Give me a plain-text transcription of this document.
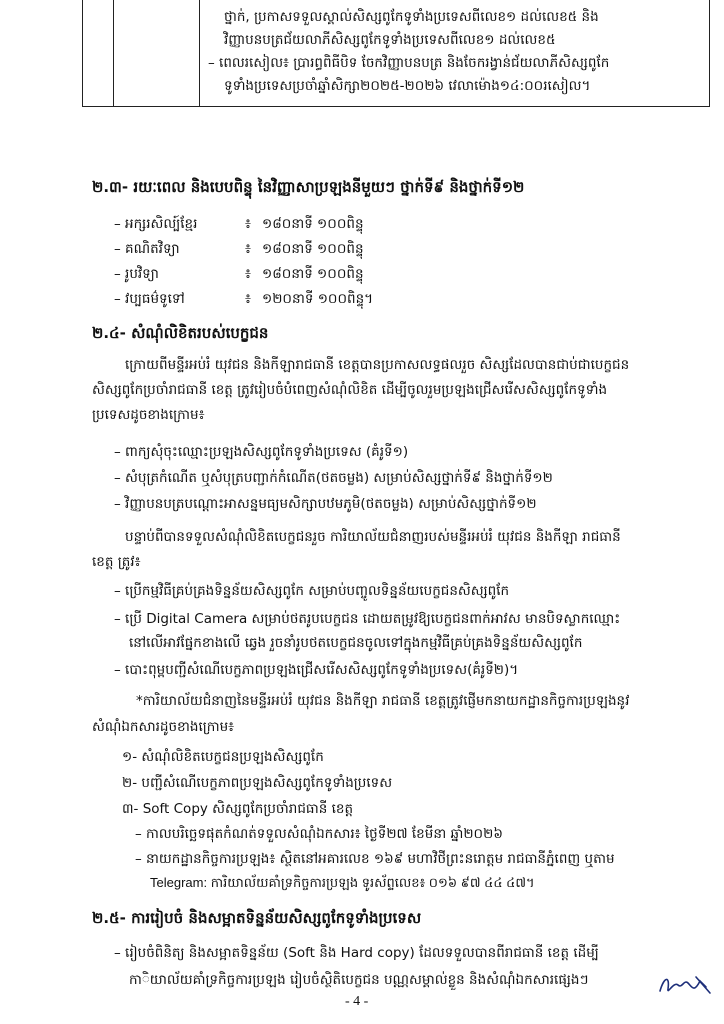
ថ្នាក់, ប្រកាសទទួលស្គាល់សិស្សពូកែទូទាំងប្រទេសពីលេខ១ ដល់លេខ៥ និង
វិញ្ញាបនបត្រជ័យលាភីសិស្សពូកែទូទាំងប្រទេសពីលេខ១ ដល់លេខ៥
– ពេលរសៀល៖ ប្រារព្ធពិធីបិទ ចែកវិញ្ញាបនបត្រ និងចែករង្វាន់ជ័យលាភីសិស្សពូកែ
ទូទាំងប្រទេសប្រចាំឆ្នាំសិក្សា២០២៥-២០២៦ វេលាម៉ោង១៤:០០រសៀល។
២.៣- រយៈពេល និងបេបពិន្ទុ នៃវិញ្ញាសាប្រឡងនីមួយៗ ថ្នាក់ទី៩ និងថ្នាក់ទី១២
– អក្សរសិល្ប៍ខ្មែរ	៖ ១៨០នាទី ១០០ពិន្ទុ
– គណិតវិទ្យា	៖ ១៨០នាទី ១០០ពិន្ទុ
– រូបវិទ្យា	៖ ១៨០នាទី ១០០ពិន្ទុ
– វប្បធម៌ទូទៅ	៖ ១២០នាទី ១០០ពិន្ទុ។
២.៤- សំណុំលិខិតរបស់បេក្ខជន
ក្រោយពីមន្ទីរអប់រំ យុវជន និងកីឡារាជធានី ខេត្តបានប្រកាសលទ្ធផលរួច សិស្សដែលបានជាប់ជាបេក្ខជន
សិស្សពូកែប្រចាំរាជធានី ខេត្ត ត្រូវរៀបចំបំពេញសំណុំលិខិត ដើម្បីចូលរួមប្រឡងជ្រើសរើសសិស្សពូកែទូទាំង
ប្រទេសដូចខាងក្រោម៖
– ពាក្យសុំចុះឈ្មោះប្រឡងសិស្សពូកែទូទាំងប្រទេស (គំរូទី១)
– សំបុត្រកំណើត ឬសំបុត្របញ្ជាក់កំណើត(ថតចម្លង) សម្រាប់សិស្សថ្នាក់ទី៩ និងថ្នាក់ទី១២
– វិញ្ញាបនបត្របណ្ដោះអាសន្នមធ្យមសិក្សាបឋមភូមិ(ថតចម្លង) សម្រាប់សិស្សថ្នាក់ទី១២
បន្ទាប់ពីបានទទួលសំណុំលិខិតបេក្ខជនរួច ការិយាល័យជំនាញរបស់មន្ទីរអប់រំ យុវជន និងកីឡា រាជធានី
ខេត្ត ត្រូវ៖
– ប្រើកម្មវិធីគ្រប់គ្រងទិន្នន័យសិស្សពូកែ សម្រាប់បញ្ចូលទិន្នន័យបេក្ខជនសិស្សពូកែ
– ប្រើ Digital Camera សម្រាប់ថតរូបបេក្ខជន ដោយតម្រូវឱ្យបេក្ខជនពាក់អាវស មានបិទស្លាកឈ្មោះ
នៅលើអាវផ្នែកខាងលើ ឆ្វេង រួចនាំរូបថតបេក្ខជនចូលទៅក្នុងកម្មវិធីគ្រប់គ្រងទិន្នន័យសិស្សពូកែ
– បោះពុម្ពបញ្ជីសំណើបេក្ខភាពប្រឡងជ្រើសរើសសិស្សពូកែទូទាំងប្រទេស(គំរូទី២)។
*ការិយាល័យជំនាញនៃមន្ទីរអប់រំ យុវជន និងកីឡា រាជធានី ខេត្តត្រូវផ្ញើមកនាយកដ្ឋានកិច្ចការប្រឡងនូវ
សំណុំឯកសារដូចខាងក្រោម៖
១- សំណុំលិខិតបេក្ខជនប្រឡងសិស្សពូកែ
២- បញ្ជីសំណើបេក្ខភាពប្រឡងសិស្សពូកែទូទាំងប្រទេស
៣- Soft Copy សិស្សពូកែប្រចាំរាជធានី ខេត្ត
– កាលបរិច្ឆេទផុតកំណត់ទទួលសំណុំឯកសារ៖ ថ្ងៃទី២៧ ខែមីនា ឆ្នាំ២០២៦
– នាយកដ្ឋានកិច្ចការប្រឡង៖ ស្ថិតនៅអគារលេខ ១៦៩ មហាវិថីព្រះនរោត្តម រាជធានីភ្នំពេញ ឬតាម
Telegram: ការិយាល័យគាំទ្រកិច្ចការប្រឡង ទូរស័ព្ទលេខ៖ ០១៦ ៩៧ ៤៤ ៤៧។
២.៥- ការរៀបចំ និងសម្អាតទិន្នន័យសិស្សពូកែទូទាំងប្រទេស
– រៀបចំពិនិត្យ និងសម្អាតទិន្នន័យ (Soft និង Hard copy) ដែលទទួលបានពីរាជធានី ខេត្ត ដើម្បី
កាិយាល័យគាំទ្រកិច្ចការប្រឡង រៀបចំស្ថិតិបេក្ខជន បណ្ណសម្គាល់ខ្លួន និងសំណុំឯកសារផ្សេងៗ
- 4 -
